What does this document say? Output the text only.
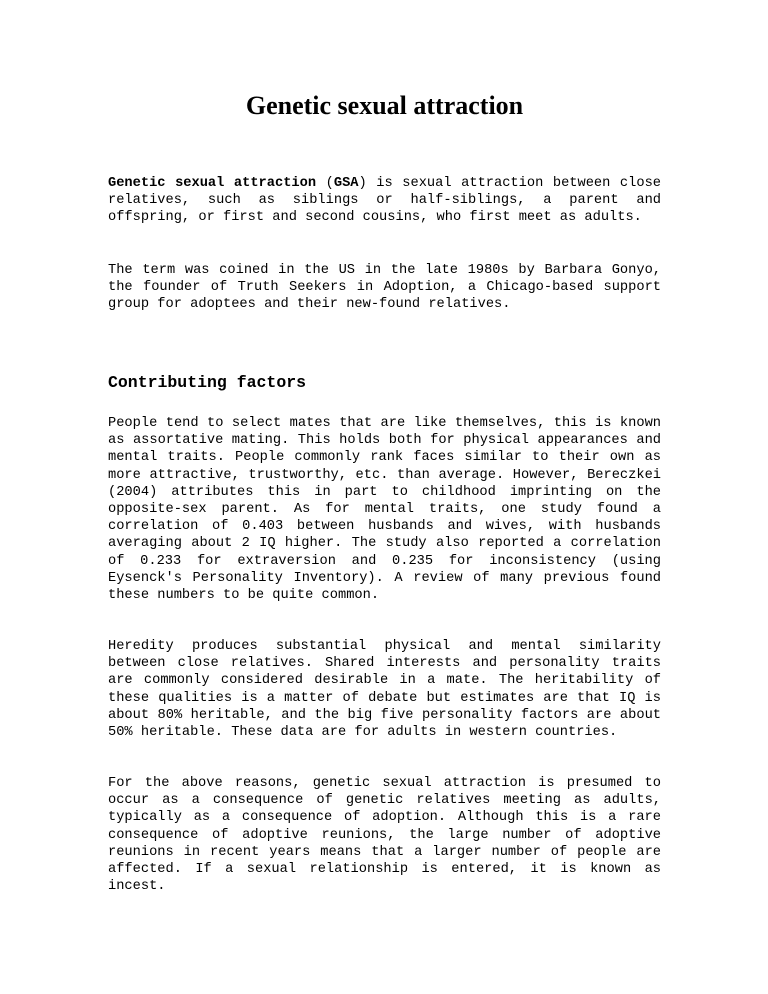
Genetic sexual attraction

Genetic sexual attraction (GSA) is sexual attraction between close relatives, such as siblings or half-siblings, a parent and offspring, or first and second cousins, who first meet as adults.

The term was coined in the US in the late 1980s by Barbara Gonyo, the founder of Truth Seekers in Adoption, a Chicago-based support group for adoptees and their new-found relatives.

Contributing factors

People tend to select mates that are like themselves, this is known as assortative mating. This holds both for physical appearances and mental traits. People commonly rank faces similar to their own as more attractive, trustworthy, etc. than average. However, Bereczkei (2004) attributes this in part to childhood imprinting on the opposite-sex parent. As for mental traits, one study found a correlation of 0.403 between husbands and wives, with husbands averaging about 2 IQ higher. The study also reported a correlation of 0.233 for extraversion and 0.235 for inconsistency (using Eysenck's Personality Inventory). A review of many previous found these numbers to be quite common.

Heredity produces substantial physical and mental similarity between close relatives. Shared interests and personality traits are commonly considered desirable in a mate. The heritability of these qualities is a matter of debate but estimates are that IQ is about 80% heritable, and the big five personality factors are about 50% heritable. These data are for adults in western countries.

For the above reasons, genetic sexual attraction is presumed to occur as a consequence of genetic relatives meeting as adults, typically as a consequence of adoption. Although this is a rare consequence of adoptive reunions, the large number of adoptive reunions in recent years means that a larger number of people are affected. If a sexual relationship is entered, it is known as incest.
